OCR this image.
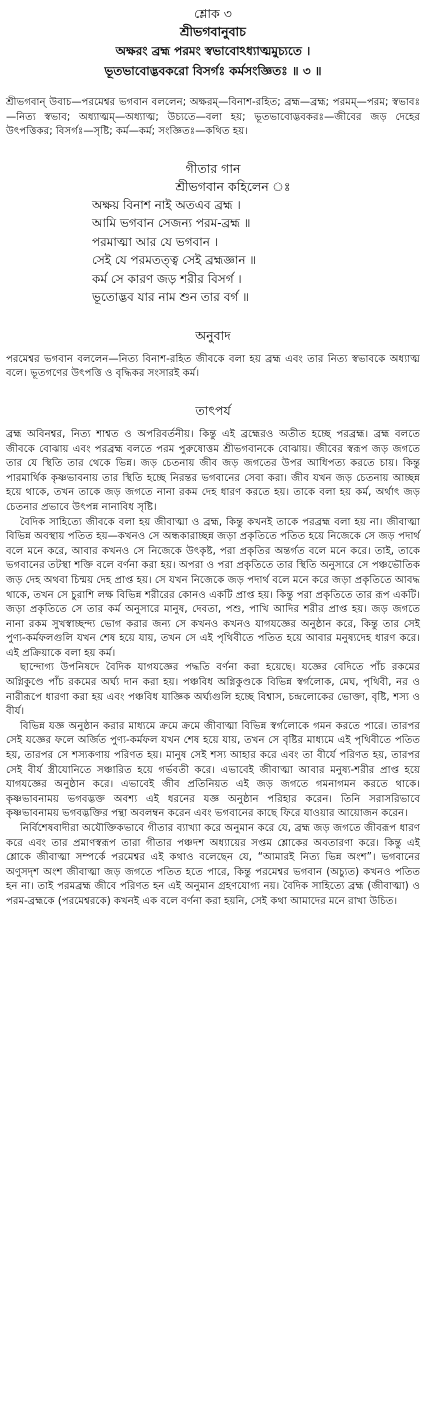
শ্লোক ৩

শ্রীভগবানুবাচ

অক্ষরং ব্রহ্ম পরমং স্বভাবোঽধ্যাত্মমুচ্যতে ।

ভূতভাবোদ্ভবকরো বিসর্গঃ কর্মসংজ্ঞিতঃ ॥ ৩ ॥

শ্রীভগবান্ উবাচ—পরমেশ্বর ভগবান বললেন; অক্ষরম্—বিনাশ-রহিত; ব্রহ্ম—ব্রহ্ম; পরমম্—পরম; স্বভাবঃ—নিত্য স্বভাব; অধ্যাত্মম্—অধ্যাত্ম; উচ্যতে—বলা হয়; ভূতভাবোদ্ভবকরঃ—জীবের জড় দেহের উৎপত্তিকর; বিসর্গঃ—সৃষ্টি; কর্ম—কর্ম; সংজ্ঞিতঃ—কথিত হয়।

গীতার গান

শ্রীভগবান কহিলেন ঃ

অক্ষয় বিনাশ নাই অতএব ব্রহ্ম ।

আমি ভগবান সেজন্য পরম-ব্রহ্ম ॥

পরমাত্মা আর যে ভগবান ।

সেই যে পরমতত্ত্ব সেই ব্রহ্মজ্ঞান ॥

কর্ম সে কারণ জড় শরীর বিসর্গ ।

ভূতোদ্ভব যার নাম শুন তার বর্গ ॥

অনুবাদ

পরমেশ্বর ভগবান বললেন—নিত্য বিনাশ-রহিত জীবকে বলা হয় ব্রহ্ম এবং তার নিত্য স্বভাবকে অধ্যাত্ম বলে। ভূতগণের উৎপত্তি ও বৃদ্ধিকর সংসারই কর্ম।

তাৎপর্য

ব্রহ্ম অবিনশ্বর, নিত্য শাশ্বত ও অপরিবর্তনীয়। কিন্তু এই ব্রহ্মেরও অতীত হচ্ছে পরব্রহ্ম। ব্রহ্ম বলতে জীবকে বোঝায় এবং পরব্রহ্ম বলতে পরম পুরুষোত্তম শ্রীভগবানকে বোঝায়। জীবের স্বরূপ জড় জগতে তার যে স্থিতি তার থেকে ভিন্ন। জড় চেতনায় জীব জড় জগতের উপর আধিপত্য করতে চায়। কিন্তু পারমার্থিক কৃষ্ণভাবনায় তার স্থিতি হচ্ছে নিরন্তর ভগবানের সেবা করা। জীব যখন জড় চেতনায় আচ্ছন্ন হয়ে থাকে, তখন তাকে জড় জগতে নানা রকম দেহ ধারণ করতে হয়। তাকে বলা হয় কর্ম, অর্থাৎ জড় চেতনার প্রভাবে উৎপন্ন নানাবিধ সৃষ্টি।

বৈদিক সাহিত্যে জীবকে বলা হয় জীবাত্মা ও ব্রহ্ম, কিন্তু কখনই তাকে পরব্রহ্ম বলা হয় না। জীবাত্মা বিভিন্ন অবস্থায় পতিত হয়—কখনও সে অন্ধকারাচ্ছন্ন জড়া প্রকৃতিতে পতিত হয়ে নিজেকে সে জড় পদার্থ বলে মনে করে, আবার কখনও সে নিজেকে উৎকৃষ্ট, পরা প্রকৃতির অন্তর্গত বলে মনে করে। তাই, তাকে ভগবানের তটস্থা শক্তি বলে বর্ণনা করা হয়। অপরা ও পরা প্রকৃতিতে তার স্থিতি অনুসারে সে পঞ্চভৌতিক জড় দেহ অথবা চিন্ময় দেহ প্রাপ্ত হয়। সে যখন নিজেকে জড় পদার্থ বলে মনে করে জড়া প্রকৃতিতে আবদ্ধ থাকে, তখন সে চুরাশি লক্ষ বিভিন্ন শরীরের কোনও একটি প্রাপ্ত হয়। কিন্তু পরা প্রকৃতিতে তার রূপ একটি। জড়া প্রকৃতিতে সে তার কর্ম অনুসারে মানুষ, দেবতা, পশু, পাখি আদির শরীর প্রাপ্ত হয়। জড় জগতে নানা রকম সুখস্বাচ্ছন্দ্য ভোগ করার জন্য সে কখনও কখনও যাগযজ্ঞের অনুষ্ঠান করে, কিন্তু তার সেই পুণ্য-কর্মফলগুলি যখন শেষ হয়ে যায়, তখন সে এই পৃথিবীতে পতিত হয়ে আবার মনুষ্যদেহ ধারণ করে। এই প্রক্রিয়াকে বলা হয় কর্ম।

ছান্দোগ্য উপনিষদে বৈদিক যাগযজ্ঞের পদ্ধতি বর্ণনা করা হয়েছে। যজ্ঞের বেদিতে পাঁচ রকমের অগ্নিকুণ্ডে পাঁচ রকমের অর্ঘ্য দান করা হয়। পঞ্চবিধ অগ্নিকুণ্ডকে বিভিন্ন স্বর্গলোক, মেঘ, পৃথিবী, নর ও নারীরূপে ধারণা করা হয় এবং পঞ্চবিধ যাজ্ঞিক অর্ঘ্যগুলি হচ্ছে বিশ্বাস, চন্দ্রলোকের ভোক্তা, বৃষ্টি, শস্য ও বীর্য।

বিভিন্ন যজ্ঞ অনুষ্ঠান করার মাধ্যমে ক্রমে ক্রমে জীবাত্মা বিভিন্ন স্বর্গলোকে গমন করতে পারে। তারপর সেই যজ্ঞের ফলে অর্জিত পুণ্য-কর্মফল যখন শেষ হয়ে যায়, তখন সে বৃষ্টির মাধ্যমে এই পৃথিবীতে পতিত হয়, তারপর সে শস্যকণায় পরিণত হয়। মানুষ সেই শস্য আহার করে এবং তা বীর্যে পরিণত হয়, তারপর সেই বীর্য স্ত্রীযোনিতে সঞ্চারিত হয়ে গর্ভবতী করে। এভাবেই জীবাত্মা আবার মনুষ্য-শরীর প্রাপ্ত হয়ে যাগযজ্ঞের অনুষ্ঠান করে। এভাবেই জীব প্রতিনিয়ত এই জড় জগতে গমনাগমন করতে থাকে। কৃষ্ণভাবনাময় ভগবদ্ভক্ত অবশ্য এই ধরনের যজ্ঞ অনুষ্ঠান পরিহার করেন। তিনি সরাসরিভাবে কৃষ্ণভাবনাময় ভগবদ্ভক্তির পন্থা অবলম্বন করেন এবং ভগবানের কাছে ফিরে যাওয়ার আয়োজন করেন।

নির্বিশেষবাদীরা অযৌক্তিকভাবে গীতার ব্যাখ্যা করে অনুমান করে যে, ব্রহ্ম জড় জগতে জীবরূপ ধারণ করে এবং তার প্রমাণস্বরূপ তারা গীতার পঞ্চদশ অধ্যায়ের সপ্তম শ্লোকের অবতারণা করে। কিন্তু এই শ্লোকে জীবাত্মা সম্পর্কে পরমেশ্বর এই কথাও বলেছেন যে, “আমারই নিত্য ভিন্ন অংশ”। ভগবানের অণুসদৃশ অংশ জীবাত্মা জড় জগতে পতিত হতে পারে, কিন্তু পরমেশ্বর ভগবান (অচ্যুত) কখনও পতিত হন না। তাই পরমব্রহ্ম জীবে পরিণত হন এই অনুমান গ্রহণযোগ্য নয়। বৈদিক সাহিত্যে ব্রহ্ম (জীবাত্মা) ও পরম-ব্রহ্মকে (পরমেশ্বরকে) কখনই এক বলে বর্ণনা করা হয়নি, সেই কথা আমাদের মনে রাখা উচিত।
